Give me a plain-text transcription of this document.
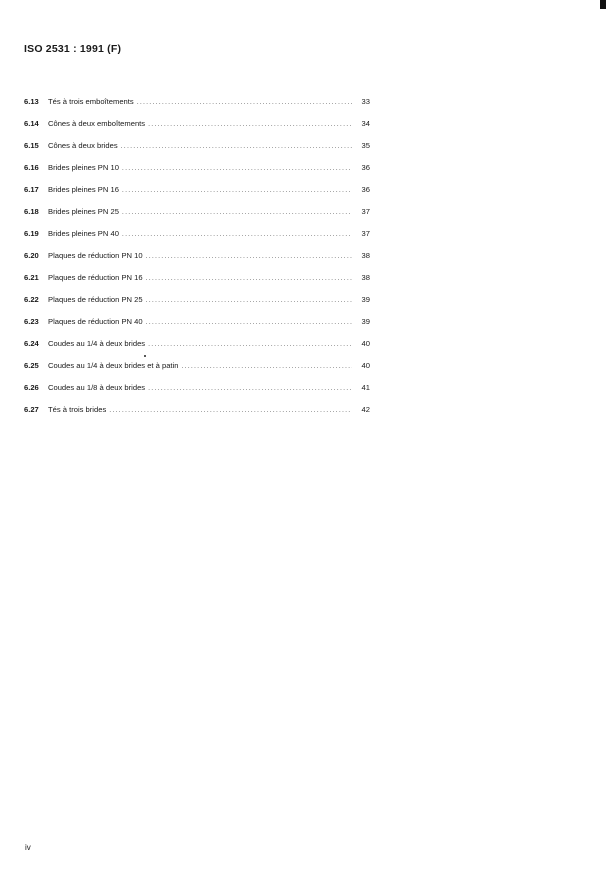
ISO 2531 : 1991 (F)
6.13	Tés à trois emboîtements .....	33
6.14	Cônes à deux emboîtements .....	34
6.15	Cônes à deux brides .....	35
6.16	Brides pleines PN 10 .....	36
6.17	Brides pleines PN 16 .....	36
6.18	Brides pleines PN 25 .....	37
6.19	Brides pleines PN 40 .....	37
6.20	Plaques de réduction PN 10 .....	38
6.21	Plaques de réduction PN 16 .....	38
6.22	Plaques de réduction PN 25 .....	39
6.23	Plaques de réduction PN 40 .....	39
6.24	Coudes au 1/4 à deux brides .....	40
6.25	Coudes au 1/4 à deux brides et à patin .....	40
6.26	Coudes au 1/8 à deux brides .....	41
6.27	Tés à trois brides .....	42
iv
